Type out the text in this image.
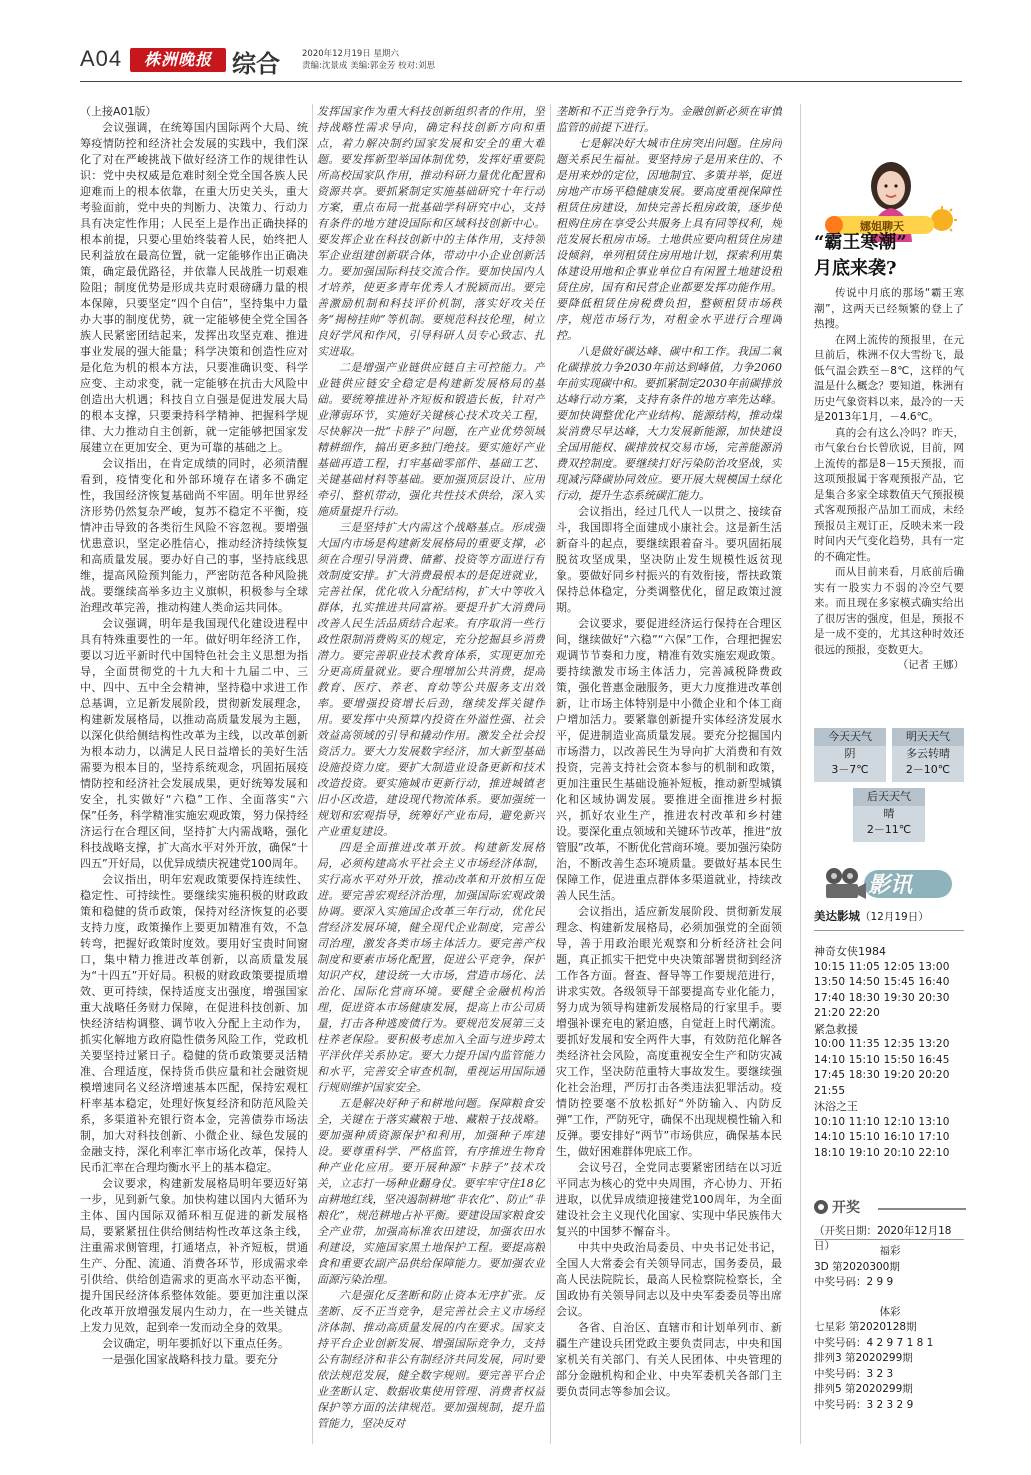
A04	株洲晚报 综合	2020年12月19日 星期六
责编:沈景成 美编:郭金芳 校对:刘思

（上接A01版）

会议强调，在统筹国内国际两个大局、统筹疫情防控和经济社会发展的实践中，我们深化了对在严峻挑战下做好经济工作的规律性认识：党中央权威是危难时刻全党全国各族人民迎难而上的根本依靠，在重大历史关头，重大考验面前，党中央的判断力、决策力、行动力具有决定性作用；人民至上是作出正确抉择的根本前提，只要心里始终装着人民，始终把人民利益放在最高位置，就一定能够作出正确决策，确定最优路径，并依靠人民战胜一切艰难险阻；制度优势是形成共克时艰磅礴力量的根本保障，只要坚定“四个自信”，坚持集中力量办大事的制度优势，就一定能够使全党全国各族人民紧密团结起来，发挥出攻坚克难、推进事业发展的强大能量；科学决策和创造性应对是化危为机的根本方法，只要准确识变、科学应变、主动求变，就一定能够在抗击大风险中创造出大机遇；科技自立自强是促进发展大局的根本支撑，只要秉持科学精神、把握科学规律、大力推动自主创新，就一定能够把国家发展建立在更加安全、更为可靠的基础之上。

会议指出，在肯定成绩的同时，必须清醒看到，疫情变化和外部环境存在诸多不确定性，我国经济恢复基础尚不牢固。明年世界经济形势仍然复杂严峻，复苏不稳定不平衡，疫情冲击导致的各类衍生风险不容忽视。要增强忧患意识，坚定必胜信心，推动经济持续恢复和高质量发展。要办好自己的事，坚持底线思维，提高风险预判能力，严密防范各种风险挑战。要继续高举多边主义旗帜，积极参与全球治理改革完善，推动构建人类命运共同体。

会议强调，明年是我国现代化建设进程中具有特殊重要性的一年。做好明年经济工作，要以习近平新时代中国特色社会主义思想为指导，全面贯彻党的十九大和十九届二中、三中、四中、五中全会精神，坚持稳中求进工作总基调，立足新发展阶段，贯彻新发展理念，构建新发展格局，以推动高质量发展为主题，以深化供给侧结构性改革为主线，以改革创新为根本动力，以满足人民日益增长的美好生活需要为根本目的，坚持系统观念，巩固拓展疫情防控和经济社会发展成果，更好统筹发展和安全，扎实做好“六稳”工作、全面落实“六保”任务，科学精准实施宏观政策，努力保持经济运行在合理区间，坚持扩大内需战略，强化科技战略支撑，扩大高水平对外开放，确保“十四五”开好局，以优异成绩庆祝建党100周年。

会议指出，明年宏观政策要保持连续性、稳定性、可持续性。要继续实施积极的财政政策和稳健的货币政策，保持对经济恢复的必要支持力度，政策操作上要更加精准有效，不急转弯，把握好政策时度效。要用好宝贵时间窗口，集中精力推进改革创新，以高质量发展为“十四五”开好局。积极的财政政策要提质增效、更可持续，保持适度支出强度，增强国家重大战略任务财力保障，在促进科技创新、加快经济结构调整、调节收入分配上主动作为，抓实化解地方政府隐性债务风险工作，党政机关要坚持过紧日子。稳健的货币政策要灵活精准、合理适度，保持货币供应量和社会融资规模增速同名义经济增速基本匹配，保持宏观杠杆率基本稳定，处理好恢复经济和防范风险关系，多渠道补充银行资本金，完善债券市场法制，加大对科技创新、小微企业、绿色发展的金融支持，深化利率汇率市场化改革，保持人民币汇率在合理均衡水平上的基本稳定。

会议要求，构建新发展格局明年要迈好第一步，见到新气象。加快构建以国内大循环为主体、国内国际双循环相互促进的新发展格局，要紧紧扭住供给侧结构性改革这条主线，注重需求侧管理，打通堵点，补齐短板，贯通生产、分配、流通、消费各环节，形成需求牵引供给、供给创造需求的更高水平动态平衡，提升国民经济体系整体效能。要更加注重以深化改革开放增强发展内生动力，在一些关键点上发力见效，起到牵一发而动全身的效果。

会议确定，明年要抓好以下重点任务。

一是强化国家战略科技力量。要充分

发挥国家作为重大科技创新组织者的作用，坚持战略性需求导向，确定科技创新方向和重点，着力解决制约国家发展和安全的重大难题。要发挥新型举国体制优势，发挥好重要院所高校国家队作用，推动科研力量优化配置和资源共享。要抓紧制定实施基础研究十年行动方案，重点布局一批基础学科研究中心，支持有条件的地方建设国际和区域科技创新中心。要发挥企业在科技创新中的主体作用，支持领军企业组建创新联合体，带动中小企业创新活力。要加强国际科技交流合作。要加快国内人才培养，使更多青年优秀人才脱颖而出。要完善激励机制和科技评价机制，落实好攻关任务“揭榜挂帅”等机制。要规范科技伦理，树立良好学风和作风，引导科研人员专心致志、扎实进取。

二是增强产业链供应链自主可控能力。产业链供应链安全稳定是构建新发展格局的基础。要统筹推进补齐短板和锻造长板，针对产业薄弱环节，实施好关键核心技术攻关工程，尽快解决一批“卡脖子”问题，在产业优势领域精耕细作，搞出更多独门绝技。要实施好产业基础再造工程，打牢基础零部件、基础工艺、关键基础材料等基础。要加强顶层设计、应用牵引、整机带动，强化共性技术供给，深入实施质量提升行动。

三是坚持扩大内需这个战略基点。形成强大国内市场是构建新发展格局的重要支撑，必须在合理引导消费、储蓄、投资等方面进行有效制度安排。扩大消费最根本的是促进就业，完善社保，优化收入分配结构，扩大中等收入群体，扎实推进共同富裕。要提升扩大消费同改善人民生活品质结合起来。有序取消一些行政性限制消费购买的规定，充分挖掘县乡消费潜力。要完善职业技术教育体系，实现更加充分更高质量就业。要合理增加公共消费，提高教育、医疗、养老、育幼等公共服务支出效率。要增强投资增长后劲，继续发挥关键作用。要发挥中央预算内投资在外溢性强、社会效益高领域的引导和撬动作用。激发全社会投资活力。要大力发展数字经济，加大新型基础设施投资力度。要扩大制造业设备更新和技术改造投资。要实施城市更新行动，推进城镇老旧小区改造，建设现代物流体系。要加强统一规划和宏观指导，统筹好产业布局，避免新兴产业重复建设。

四是全面推进改革开放。构建新发展格局，必须构建高水平社会主义市场经济体制，实行高水平对外开放，推动改革和开放相互促进。要完善宏观经济治理，加强国际宏观政策协调。要深入实施国企改革三年行动，优化民营经济发展环境，健全现代企业制度，完善公司治理，激发各类市场主体活力。要完善产权制度和要素市场化配置，促进公平竞争，保护知识产权，建设统一大市场，营造市场化、法治化、国际化营商环境。要健全金融机构治理，促进资本市场健康发展，提高上市公司质量，打击各种逃废债行为。要规范发展第三支柱养老保险。要积极考虑加入全面与进步跨太平洋伙伴关系协定。要大力提升国内监管能力和水平，完善安全审查机制，重视运用国际通行规则维护国家安全。

五是解决好种子和耕地问题。保障粮食安全，关键在于落实藏粮于地、藏粮于技战略。要加强种质资源保护和利用，加强种子库建设。要尊重科学、严格监管，有序推进生物育种产业化应用。要开展种源“卡脖子”技术攻关，立志打一场种业翻身仗。要牢牢守住18亿亩耕地红线，坚决遏制耕地“非农化”、防止“非粮化”，规范耕地占补平衡。要建设国家粮食安全产业带，加强高标准农田建设，加强农田水利建设，实施国家黑土地保护工程。要提高粮食和重要农副产品供给保障能力。要加强农业面源污染治理。

六是强化反垄断和防止资本无序扩张。反垄断、反不正当竞争，是完善社会主义市场经济体制、推动高质量发展的内在要求。国家支持平台企业创新发展、增强国际竞争力，支持公有制经济和非公有制经济共同发展，同时要依法规范发展，健全数字规则。要完善平台企业垄断认定、数据收集使用管理、消费者权益保护等方面的法律规范。要加强规制，提升监管能力，坚决反对

垄断和不正当竞争行为。金融创新必须在审慎监管的前提下进行。

七是解决好大城市住房突出问题。住房问题关系民生福祉。要坚持房子是用来住的、不是用来炒的定位，因地制宜、多策并举，促进房地产市场平稳健康发展。要高度重视保障性租赁住房建设，加快完善长租房政策，逐步使租购住房在享受公共服务上具有同等权利，规范发展长租房市场。土地供应要向租赁住房建设倾斜，单列租赁住房用地计划，探索利用集体建设用地和企事业单位自有闲置土地建设租赁住房，国有和民营企业都要发挥功能作用。要降低租赁住房税费负担，整顿租赁市场秩序，规范市场行为，对租金水平进行合理调控。

八是做好碳达峰、碳中和工作。我国二氧化碳排放力争2030年前达到峰值，力争2060年前实现碳中和。要抓紧制定2030年前碳排放达峰行动方案，支持有条件的地方率先达峰。要加快调整优化产业结构、能源结构，推动煤炭消费尽早达峰，大力发展新能源，加快建设全国用能权、碳排放权交易市场，完善能源消费双控制度。要继续打好污染防治攻坚战，实现减污降碳协同效应。要开展大规模国土绿化行动，提升生态系统碳汇能力。

会议指出，经过几代人一以贯之、接续奋斗，我国即将全面建成小康社会。这是新生活新奋斗的起点，要继续跟着奋斗。要巩固拓展脱贫攻坚成果，坚决防止发生规模性返贫现象。要做好同乡村振兴的有效衔接，帮扶政策保持总体稳定，分类调整优化，留足政策过渡期。

会议要求，要促进经济运行保持在合理区间，继续做好“六稳”“六保”工作，合理把握宏观调节节奏和力度，精准有效实施宏观政策。要持续激发市场主体活力，完善减税降费政策，强化普惠金融服务，更大力度推进改革创新，让市场主体特别是中小微企业和个体工商户增加活力。要紧靠创新提升实体经济发展水平，促进制造业高质量发展。要充分挖掘国内市场潜力，以改善民生为导向扩大消费和有效投资，完善支持社会资本参与的机制和政策，更加注重民生基础设施补短板，推动新型城镇化和区域协调发展。要推进全面推进乡村振兴，抓好农业生产，推进农村改革和乡村建设。要深化重点领域和关键环节改革，推进“放管服”改革，不断优化营商环境。要加强污染防治，不断改善生态环境质量。要做好基本民生保障工作，促进重点群体多渠道就业，持续改善人民生活。

会议指出，适应新发展阶段、贯彻新发展理念、构建新发展格局，必须加强党的全面领导，善于用政治眼光观察和分析经济社会问题，真正抓实干把党中央决策部署贯彻到经济工作各方面。督查、督导等工作要规范进行，讲求实效。各级领导干部要提高专业化能力，努力成为领导构建新发展格局的行家里手。要增强补课充电的紧迫感，自觉赶上时代潮流。要抓好发展和安全两件大事，有效防范化解各类经济社会风险，高度重视安全生产和防灾减灾工作，坚决防范重特大事故发生。要继续强化社会治理，严厉打击各类违法犯罪活动。疫情防控要毫不放松抓好“外防输入、内防反弹”工作，严防死守，确保不出现规模性输入和反弹。要安排好“两节”市场供应，确保基本民生，做好困难群体兜底工作。

会议号召，全党同志要紧密团结在以习近平同志为核心的党中央周围，齐心协力、开拓进取，以优异成绩迎接建党100周年，为全面建设社会主义现代化国家、实现中华民族伟大复兴的中国梦不懈奋斗。

中共中央政治局委员、中央书记处书记，全国人大常委会有关领导同志，国务委员，最高人民法院院长，最高人民检察院检察长，全国政协有关领导同志以及中央军委委员等出席会议。

各省、自治区、直辖市和计划单列市、新疆生产建设兵团党政主要负责同志，中央和国家机关有关部门、有关人民团体、中央管理的部分金融机构和企业、中央军委机关各部门主要负责同志等参加会议。

娜姐聊天
“霸王寒潮”
月底来袭?

传说中月底的那场“霸王寒潮”，这两天已经频繁的登上了热搜。

在网上流传的预报里，在元旦前后，株洲不仅大雪纷飞，最低气温会跌至－8℃，这样的气温是什么概念？要知道，株洲有历史气象资料以来，最冷的一天是2013年1月，－4.6℃。

真的会有这么冷吗？昨天，市气象台台长曾欣说，目前，网上流传的都是8－15天预报，而这项预报属于客观预报产品，它是集合多家全球数值天气预报模式客观预报产品加工而成，未经预报员主观订正，反映未来一段时间内天气变化趋势，具有一定的不确定性。

而从目前来看，月底前后确实有一股实力不弱的冷空气要来。而且现在多家模式确实给出了很厉害的强度，但是，预报不是一成不变的，尤其这种时效还很远的预报，变数更大。

（记者 王娜）

今天天气
阴
3－7℃
明天天气
多云转晴
2－10℃
后天天气
晴
2－11℃
影讯
美达影城（12月19日）
神奇女侠1984
10:15 11:05 12:05 13:00
13:50 14:50 15:45 16:40
17:40 18:30 19:30 20:30
21:20 22:20
紧急救援
10:00 11:35 12:35 13:20
14:10 15:10 15:50 16:45
17:45 18:30 19:20 20:20
21:55
沐浴之王
10:10 11:10 12:10 13:10
14:10 15:10 16:10 17:10
18:10 19:10 20:10 22:10
开奖
（开奖日期：2020年12月18日）	福彩
3D 第2020300期
中奖号码：2 9 9
体彩
七星彩 第2020128期
中奖号码：4 2 9 7 1 8 1
排列3 第2020299期
中奖号码：3 2 3
排列5 第2020299期
中奖号码：3 2 3 2 9
